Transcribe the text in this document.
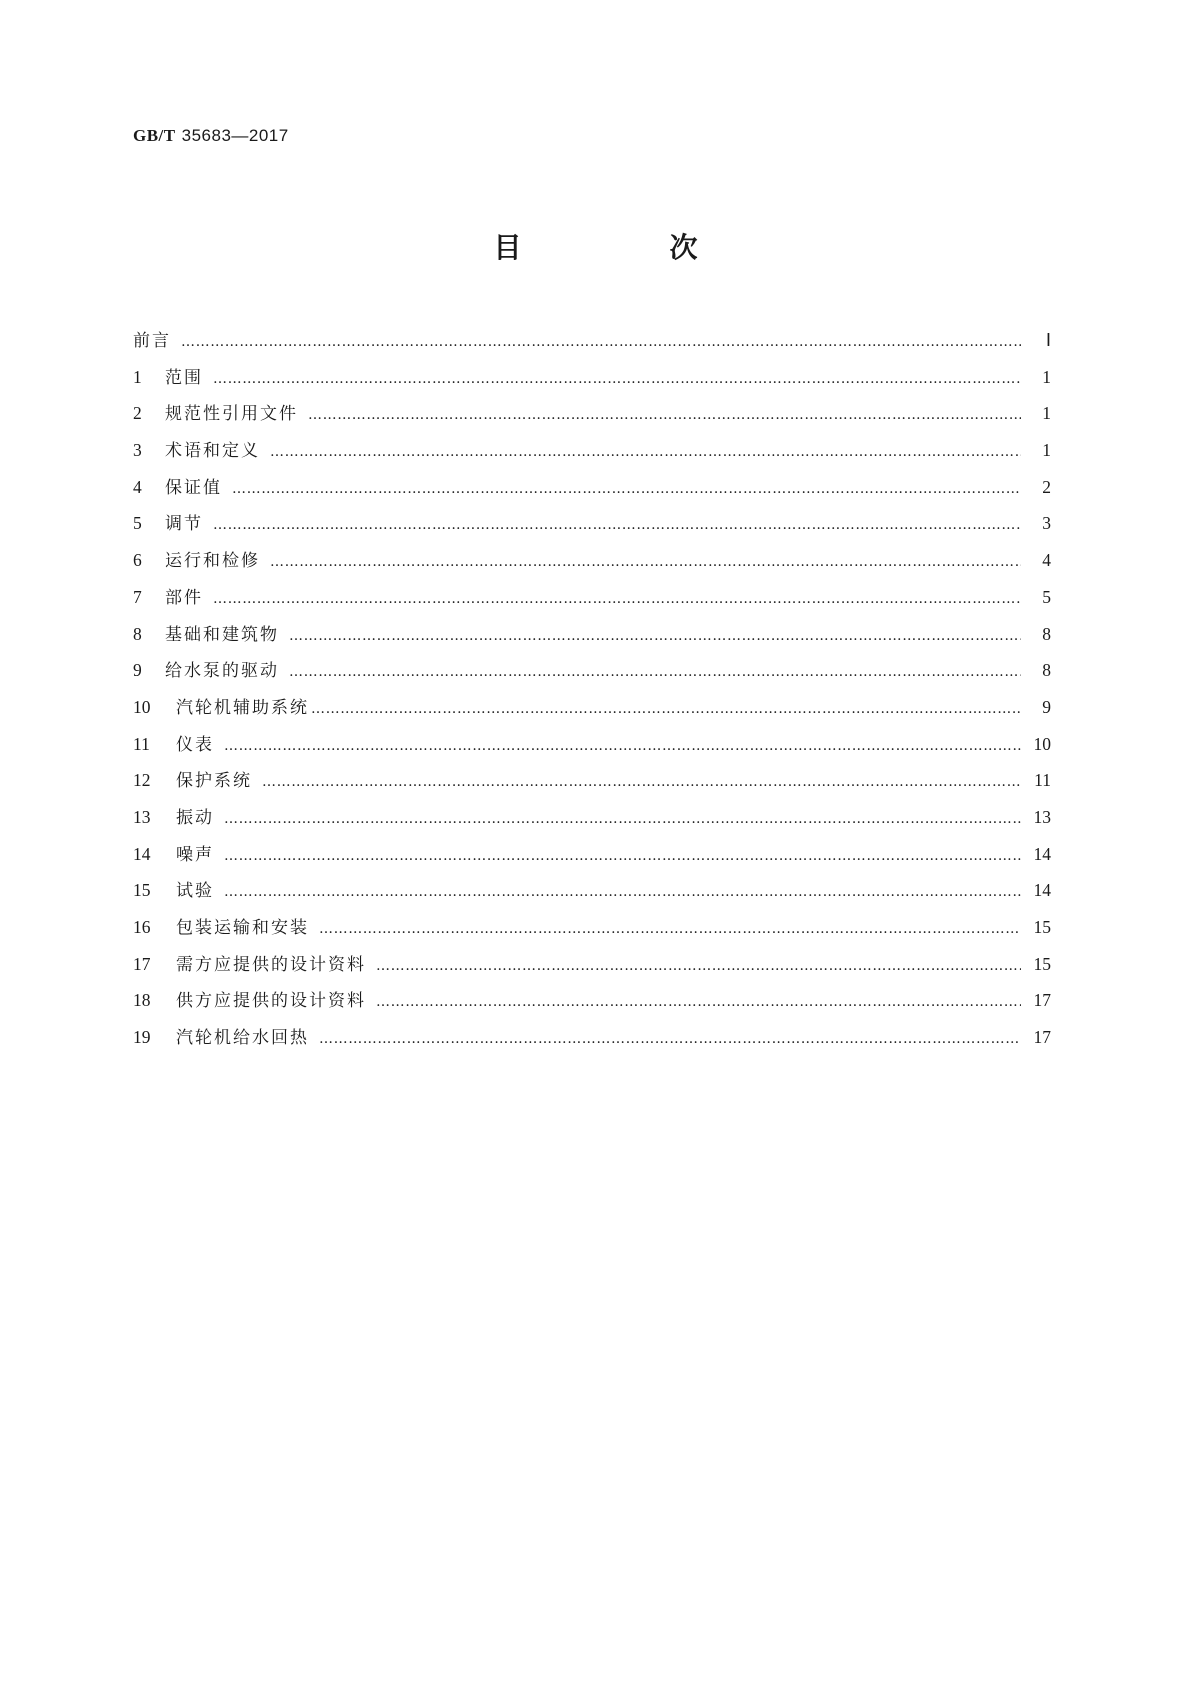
GB/T 35683—2017
目　次
前言 ………………………………………………………………………………………………………………………………………………………………………………………………………………………………………………………………………………	Ⅰ
1	范围 ………………………………………………………………………………………………………………………………………………………………………………………………………………………………………………………………………………	1
2	规范性引用文件 ………………………………………………………………………………………………………………………………………………………………………………………………………………………………………………………………………………	1
3	术语和定义 ………………………………………………………………………………………………………………………………………………………………………………………………………………………………………………………………………………	1
4	保证值 ………………………………………………………………………………………………………………………………………………………………………………………………………………………………………………………………………………	2
5	调节 ………………………………………………………………………………………………………………………………………………………………………………………………………………………………………………………………………………	3
6	运行和检修 ………………………………………………………………………………………………………………………………………………………………………………………………………………………………………………………………………………	4
7	部件 ………………………………………………………………………………………………………………………………………………………………………………………………………………………………………………………………………………	5
8	基础和建筑物 ………………………………………………………………………………………………………………………………………………………………………………………………………………………………………………………………………………	8
9	给水泵的驱动 ………………………………………………………………………………………………………………………………………………………………………………………………………………………………………………………………………………	8
10	汽轮机辅助系统 ………………………………………………………………………………………………………………………………………………………………………………………………………………………………………………………………………………	9
11	仪表 ………………………………………………………………………………………………………………………………………………………………………………………………………………………………………………………………………………	10
12	保护系统 ………………………………………………………………………………………………………………………………………………………………………………………………………………………………………………………………………………	11
13	振动 ………………………………………………………………………………………………………………………………………………………………………………………………………………………………………………………………………………	13
14	噪声 ………………………………………………………………………………………………………………………………………………………………………………………………………………………………………………………………………………	14
15	试验 ………………………………………………………………………………………………………………………………………………………………………………………………………………………………………………………………………………	14
16	包装运输和安装 ………………………………………………………………………………………………………………………………………………………………………………………………………………………………………………………………………………	15
17	需方应提供的设计资料 ………………………………………………………………………………………………………………………………………………………………………………………………………………………………………………………………………………	15
18	供方应提供的设计资料 ………………………………………………………………………………………………………………………………………………………………………………………………………………………………………………………………………………	17
19	汽轮机给水回热 ………………………………………………………………………………………………………………………………………………………………………………………………………………………………………………………………………………	17
